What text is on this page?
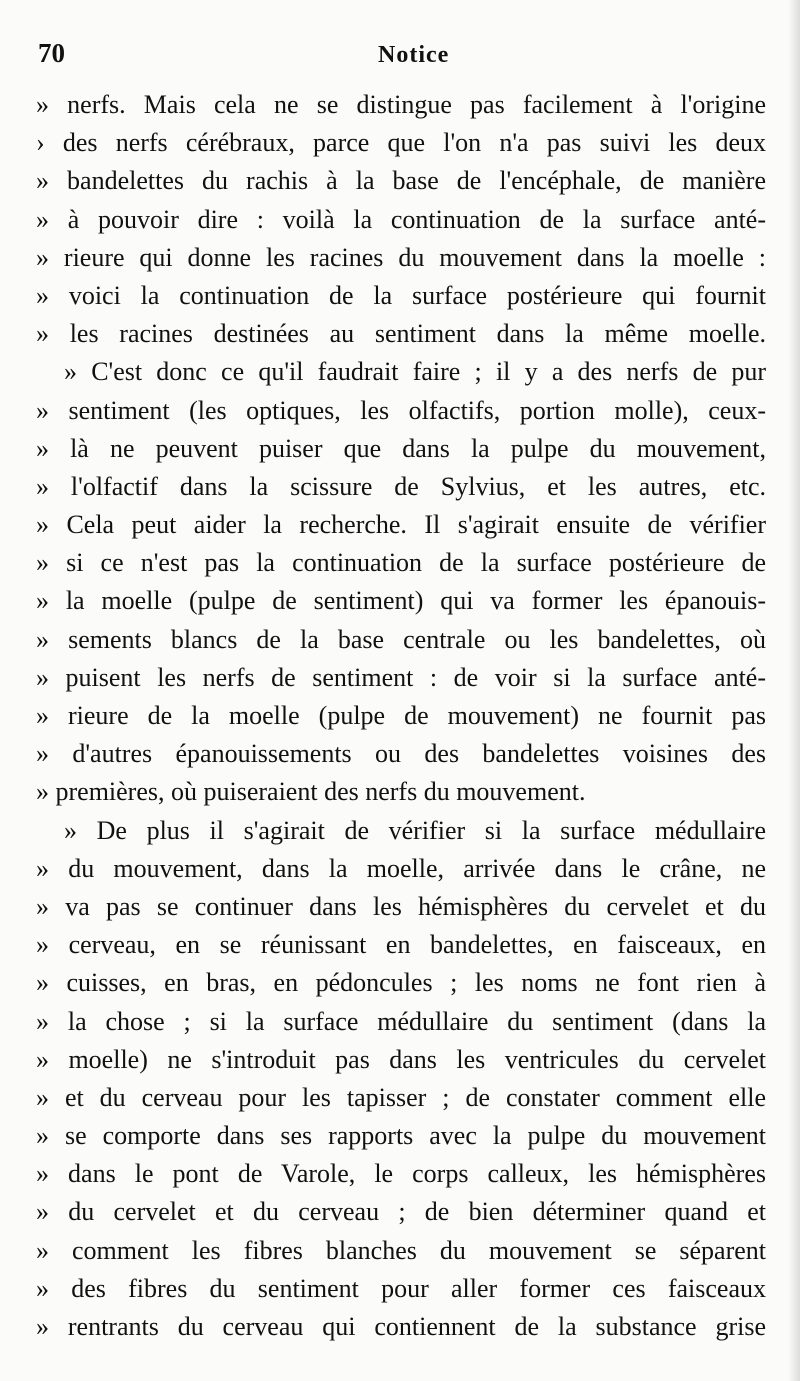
70	Notice
» nerfs. Mais cela ne se distingue pas facilement à l'origine
› des nerfs cérébraux, parce que l'on n'a pas suivi les deux
» bandelettes du rachis à la base de l'encéphale, de manière
» à pouvoir dire : voilà la continuation de la surface anté-
» rieure qui donne les racines du mouvement dans la moelle :
» voici la continuation de la surface postérieure qui fournit
» les racines destinées au sentiment dans la même moelle.
» C'est donc ce qu'il faudrait faire ; il y a des nerfs de pur
» sentiment (les optiques, les olfactifs, portion molle), ceux-
» là ne peuvent puiser que dans la pulpe du mouvement,
» l'olfactif dans la scissure de Sylvius, et les autres, etc.
» Cela peut aider la recherche. Il s'agirait ensuite de vérifier
» si ce n'est pas la continuation de la surface postérieure de
» la moelle (pulpe de sentiment) qui va former les épanouis-
» sements blancs de la base centrale ou les bandelettes, où
» puisent les nerfs de sentiment : de voir si la surface anté-
» rieure de la moelle (pulpe de mouvement) ne fournit pas
» d'autres épanouissements ou des bandelettes voisines des
» premières, où puiseraient des nerfs du mouvement.
» De plus il s'agirait de vérifier si la surface médullaire
» du mouvement, dans la moelle, arrivée dans le crâne, ne
» va pas se continuer dans les hémisphères du cervelet et du
» cerveau, en se réunissant en bandelettes, en faisceaux, en
» cuisses, en bras, en pédoncules ; les noms ne font rien à
» la chose ; si la surface médullaire du sentiment (dans la
» moelle) ne s'introduit pas dans les ventricules du cervelet
» et du cerveau pour les tapisser ; de constater comment elle
» se comporte dans ses rapports avec la pulpe du mouvement
» dans le pont de Varole, le corps calleux, les hémisphères
» du cervelet et du cerveau ; de bien déterminer quand et
» comment les fibres blanches du mouvement se séparent
» des fibres du sentiment pour aller former ces faisceaux
» rentrants du cerveau qui contiennent de la substance grise
